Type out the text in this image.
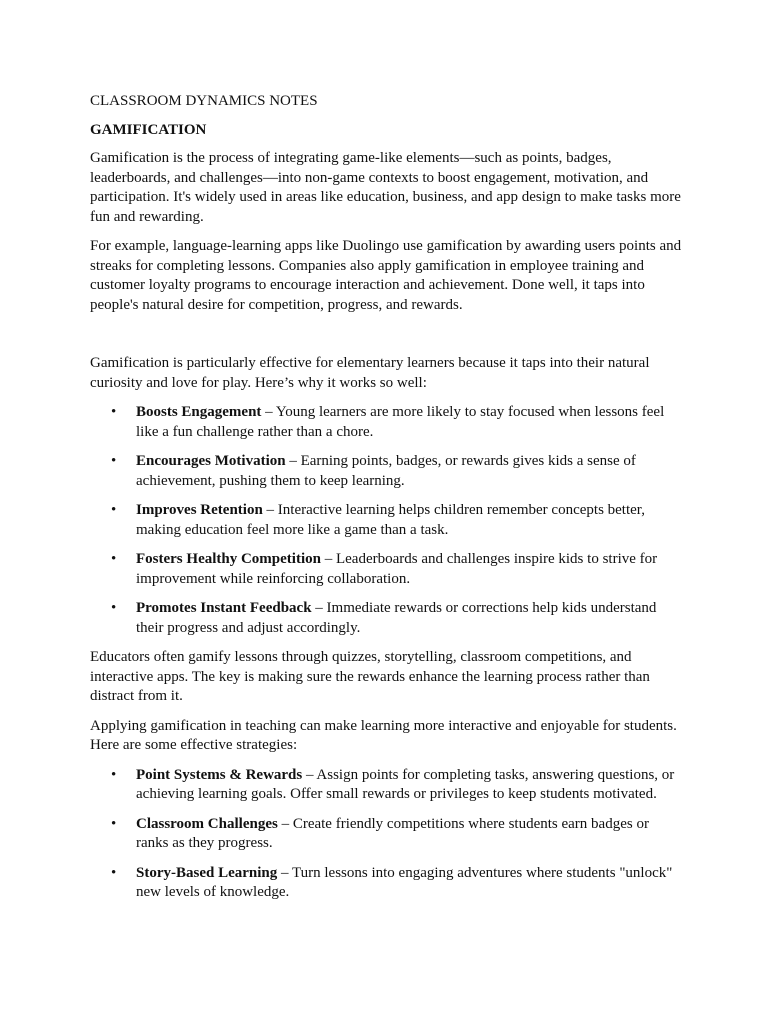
CLASSROOM DYNAMICS NOTES
GAMIFICATION

Gamification is the process of integrating game-like elements—such as points, badges, leaderboards, and challenges—into non-game contexts to boost engagement, motivation, and participation. It's widely used in areas like education, business, and app design to make tasks more fun and rewarding.

For example, language-learning apps like Duolingo use gamification by awarding users points and streaks for completing lessons. Companies also apply gamification in employee training and customer loyalty programs to encourage interaction and achievement. Done well, it taps into people's natural desire for competition, progress, and rewards.

Gamification is particularly effective for elementary learners because it taps into their natural curiosity and love for play. Here’s why it works so well:

• Boosts Engagement – Young learners are more likely to stay focused when lessons feel like a fun challenge rather than a chore.
• Encourages Motivation – Earning points, badges, or rewards gives kids a sense of achievement, pushing them to keep learning.
• Improves Retention – Interactive learning helps children remember concepts better, making education feel more like a game than a task.
• Fosters Healthy Competition – Leaderboards and challenges inspire kids to strive for improvement while reinforcing collaboration.
• Promotes Instant Feedback – Immediate rewards or corrections help kids understand their progress and adjust accordingly.

Educators often gamify lessons through quizzes, storytelling, classroom competitions, and interactive apps. The key is making sure the rewards enhance the learning process rather than distract from it.

Applying gamification in teaching can make learning more interactive and enjoyable for students. Here are some effective strategies:

• Point Systems & Rewards – Assign points for completing tasks, answering questions, or achieving learning goals. Offer small rewards or privileges to keep students motivated.
• Classroom Challenges – Create friendly competitions where students earn badges or ranks as they progress.
• Story-Based Learning – Turn lessons into engaging adventures where students "unlock" new levels of knowledge.
